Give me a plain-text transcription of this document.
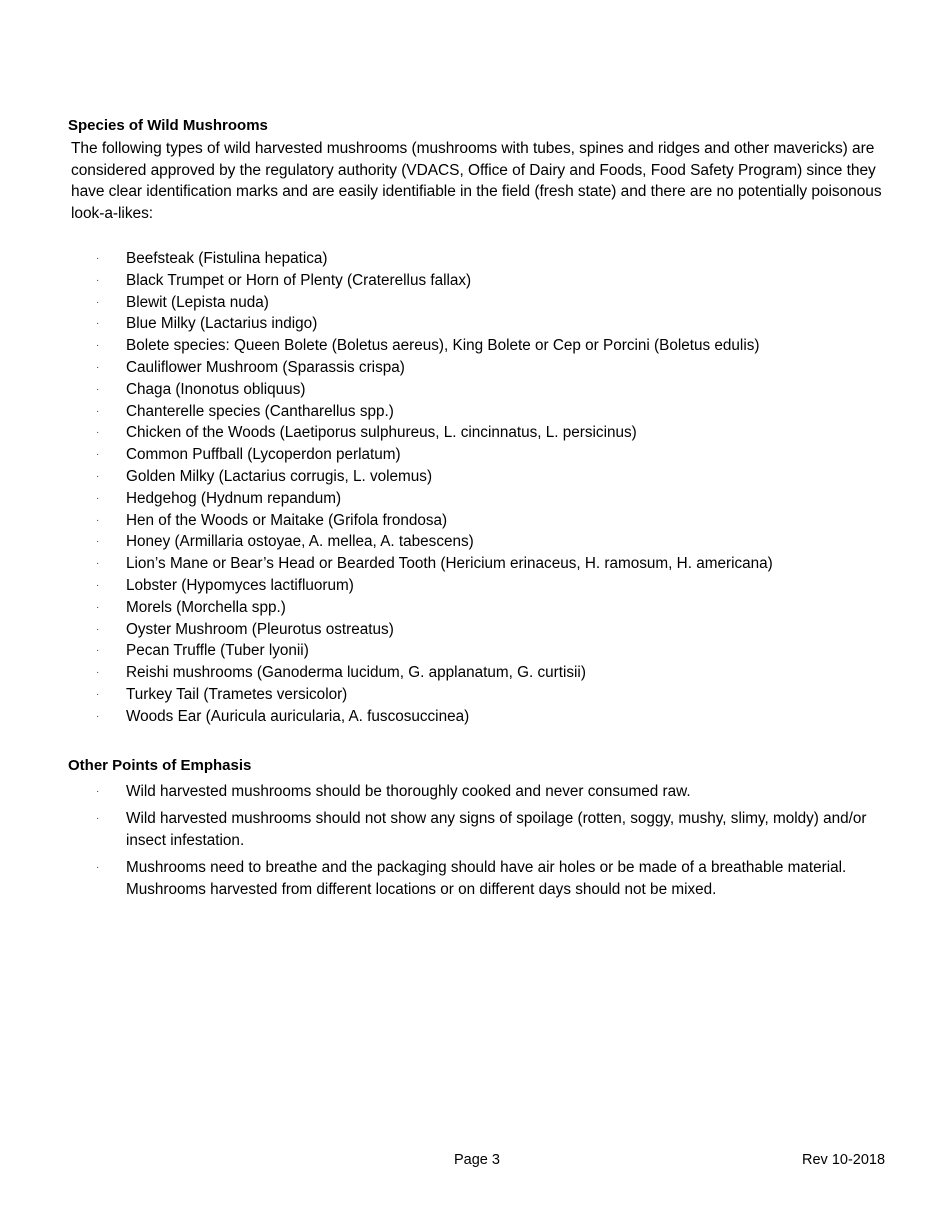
Species of Wild Mushrooms
The following types of wild harvested mushrooms (mushrooms with tubes, spines and ridges and other mavericks) are considered approved by the regulatory authority (VDACS, Office of Dairy and Foods, Food Safety Program) since they have clear identification marks and are easily identifiable in the field (fresh state) and there are no potentially poisonous look-a-likes:
· Beefsteak (Fistulina hepatica)
· Black Trumpet or Horn of Plenty (Craterellus fallax)
· Blewit (Lepista nuda)
· Blue Milky (Lactarius indigo)
· Bolete species: Queen Bolete (Boletus aereus), King Bolete or Cep or Porcini (Boletus edulis)
· Cauliflower Mushroom (Sparassis crispa)
· Chaga (Inonotus obliquus)
· Chanterelle species (Cantharellus spp.)
· Chicken of the Woods (Laetiporus sulphureus, L. cincinnatus, L. persicinus)
· Common Puffball (Lycoperdon perlatum)
· Golden Milky (Lactarius corrugis, L. volemus)
· Hedgehog (Hydnum repandum)
· Hen of the Woods or Maitake (Grifola frondosa)
· Honey (Armillaria ostoyae, A. mellea, A. tabescens)
· Lion’s Mane or Bear’s Head or Bearded Tooth (Hericium erinaceus, H. ramosum, H. americana)
· Lobster (Hypomyces lactifluorum)
· Morels (Morchella spp.)
· Oyster Mushroom (Pleurotus ostreatus)
· Pecan Truffle (Tuber lyonii)
· Reishi mushrooms (Ganoderma lucidum, G. applanatum, G. curtisii)
· Turkey Tail (Trametes versicolor)
· Woods Ear (Auricula auricularia, A. fuscosuccinea)
Other Points of Emphasis
· Wild harvested mushrooms should be thoroughly cooked and never consumed raw.
· Wild harvested mushrooms should not show any signs of spoilage (rotten, soggy, mushy, slimy, moldy) and/or insect infestation.
· Mushrooms need to breathe and the packaging should have air holes or be made of a breathable material. Mushrooms harvested from different locations or on different days should not be mixed.
Page 3	Rev 10-2018
